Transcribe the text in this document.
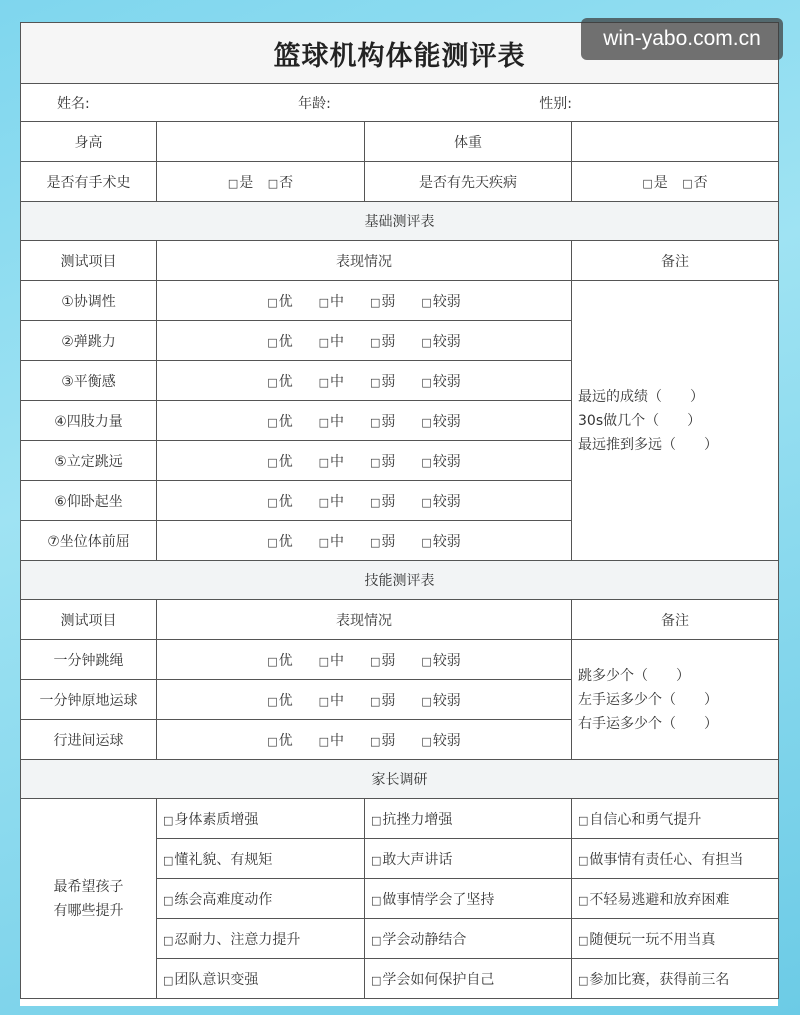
篮球机构体能测评表			

姓名: 年龄: 性别:			

身高		体重	
是否有手术史	□ 是 □ 否	是否有先天疾病	□ 是 □ 否
基础测评表			
测试项目	表现情况		备注
①协调性	□ 优 □ 中 □ 弱 □ 较弱		最远的成绩（　　）
30s做几个（　　）
最远推到多远（　　）

②弹跳力	□ 优 □ 中 □ 弱 □ 较弱
③平衡感	□ 优 □ 中 □ 弱 □ 较弱
④四肢力量	□ 优 □ 中 □ 弱 □ 较弱
⑤立定跳远	□ 优 □ 中 □ 弱 □ 较弱
⑥仰卧起坐	□ 优 □ 中 □ 弱 □ 较弱
⑦坐位体前屈	□ 优 □ 中 □ 弱 □ 较弱
技能测评表			
测试项目	表现情况		备注
一分钟跳绳	□ 优 □ 中 □ 弱 □ 较弱		跳多少个（　　）
左手运多少个（　　）
右手运多少个（　　）

一分钟原地运球	□ 优 □ 中 □ 弱 □ 较弱
行进间运球	□ 优 □ 中 □ 弱 □ 较弱
家长调研			

最希望孩子
有哪些提升	□ 身体素质增强	□ 抗挫力增强	□ 自信心和勇气提升
	□ 懂礼貌、有规矩	□ 敢大声讲话	□ 做事情有责任心、有担当
	□ 练会高难度动作	□ 做事情学会了坚持	□ 不轻易逃避和放弃困难
	□ 忍耐力、注意力提升	□ 学会动静结合	□ 随便玩一玩不用当真
	□ 团队意识变强	□ 学会如何保护自己	□ 参加比赛，获得前三名
win-yabo.com.cn
